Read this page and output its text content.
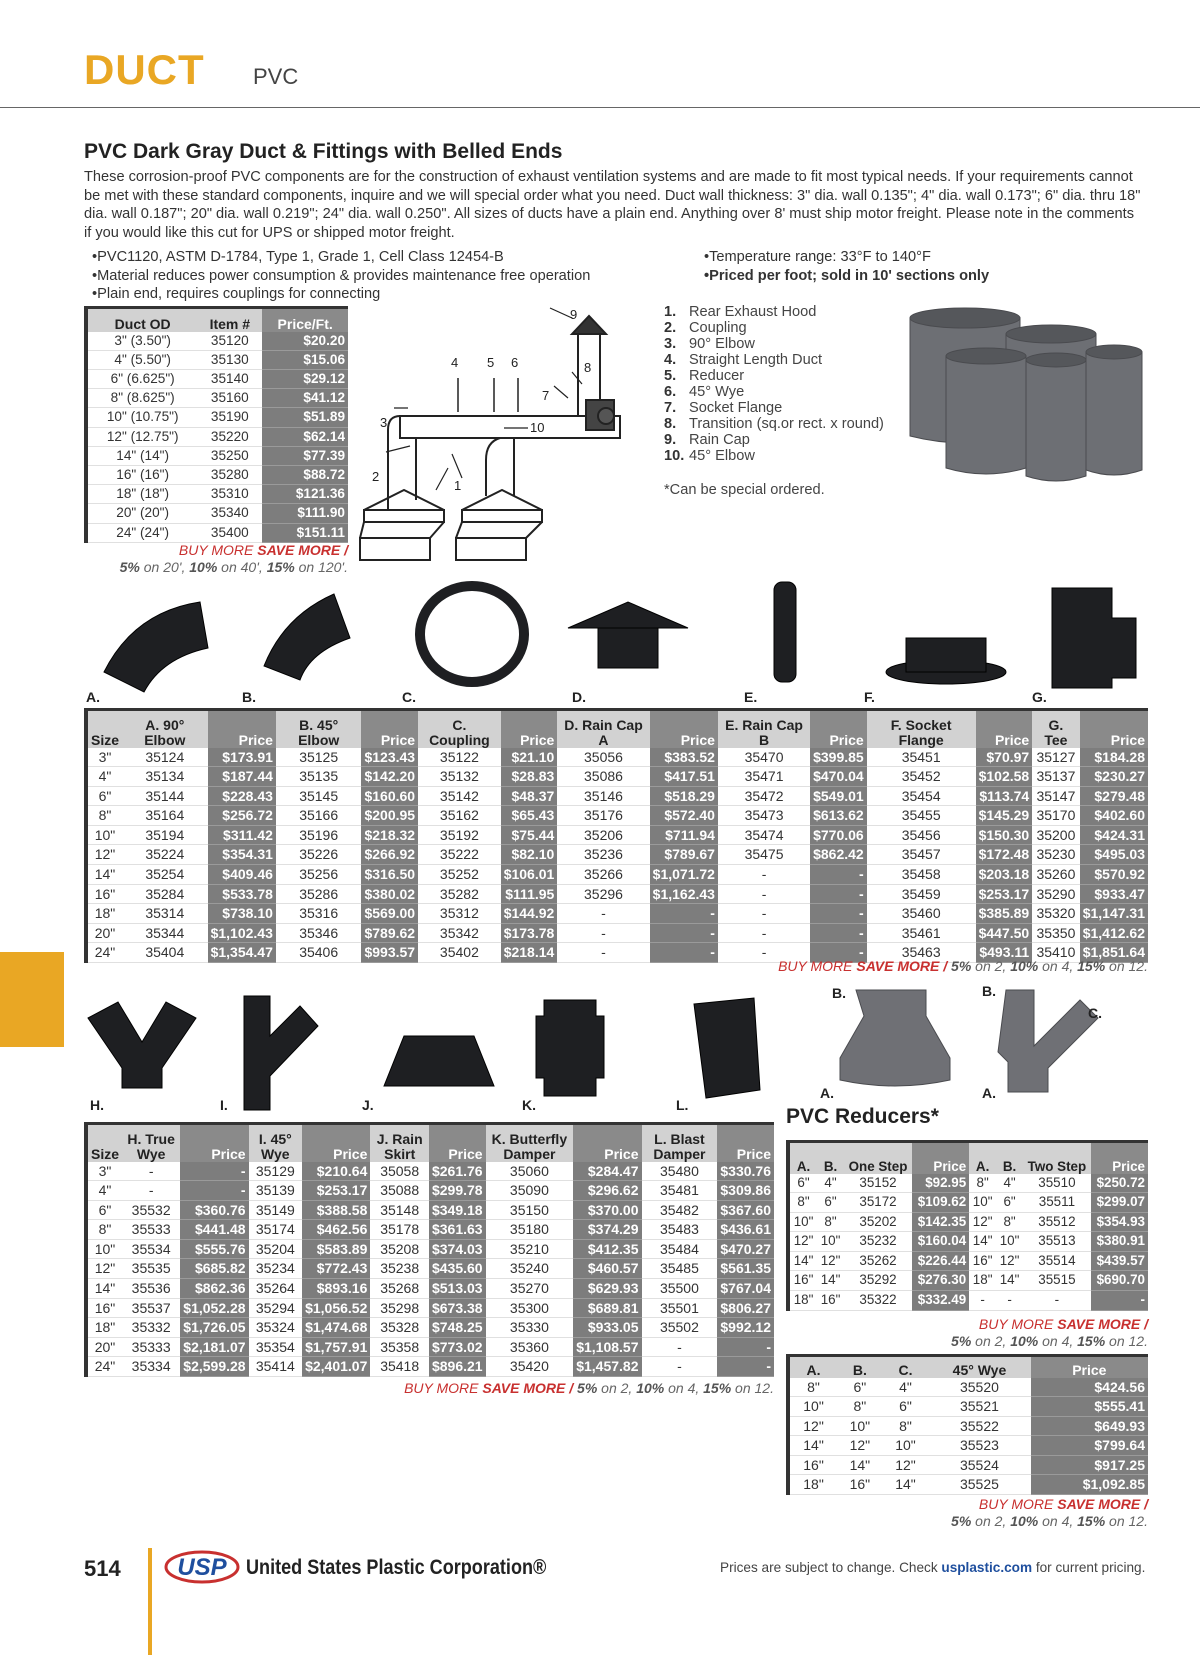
DUCT PVC
PVC Dark Gray Duct & Fittings with Belled Ends
These corrosion-proof PVC components are for the construction of exhaust ventilation systems and are made to fit most typical needs. If your requirements cannot be met with these standard components, inquire and we will special order what you need. Duct wall thickness: 3" dia. wall 0.135"; 4" dia. wall 0.173"; 6" dia. thru 18" dia. wall 0.187"; 20" dia. wall 0.219"; 24" dia. wall 0.250". All sizes of ducts have a plain end. Anything over 8' must ship motor freight. Please note in the comments if you would like this cut for UPS or shipped motor freight.
• PVC1120, ASTM D-1784, Type 1, Grade 1, Cell Class 12454-B
• Material reduces power consumption & provides maintenance free operation
• Plain end, requires couplings for connecting
• Temperature range: 33°F to 140°F
• Priced per foot; sold in 10' sections only
Duct OD	Item #	Price/Ft.
3" (3.50")	35120	$20.20
4" (5.50")	35130	$15.06
6" (6.625")	35140	$29.12
8" (8.625")	35160	$41.12
10" (10.75")	35190	$51.89
12" (12.75")	35220	$62.14
14" (14")	35250	$77.39
16" (16")	35280	$88.72
18" (18")	35310	$121.36
20" (20")	35340	$111.90
24" (24")	35400	$151.11
BUY MORE SAVE MORE /
5% on 20', 10% on 40', 15% on 120'.
4 5 6
3
2
1
10
7
8
9	1. Rear Exhaust Hood
2. Coupling
3. 90° Elbow
4. Straight Length Duct
5. Reducer
6. 45° Wye
7. Socket Flange
8. Transition (sq.or rect. x round)
9. Rain Cap
10. 45° Elbow
*Can be special ordered.
A.	B.	C.	D.	E.	F.	G.
Size	A. 90° Elbow	Price	B. 45° Elbow	Price	C. Coupling	Price	D. Rain Cap A	Price	E. Rain Cap B	Price	F. Socket Flange	Price	G. Tee	Price
3"	35124	$173.91	35125	$123.43	35122	$21.10	35056	$383.52	35470	$399.85	35451	$70.97	35127	$184.28
4"	35134	$187.44	35135	$142.20	35132	$28.83	35086	$417.51	35471	$470.04	35452	$102.58	35137	$230.27
6"	35144	$228.43	35145	$160.60	35142	$48.37	35146	$518.29	35472	$549.01	35454	$113.74	35147	$279.48
8"	35164	$256.72	35166	$200.95	35162	$65.43	35176	$572.40	35473	$613.62	35455	$145.29	35170	$402.60
10"	35194	$311.42	35196	$218.32	35192	$75.44	35206	$711.94	35474	$770.06	35456	$150.30	35200	$424.31
12"	35224	$354.31	35226	$266.92	35222	$82.10	35236	$789.67	35475	$862.42	35457	$172.48	35230	$495.03
14"	35254	$409.46	35256	$316.50	35252	$106.01	35266	$1,071.72	-	-	35458	$203.18	35260	$570.92
16"	35284	$533.78	35286	$380.02	35282	$111.95	35296	$1,162.43	-	-	35459	$253.17	35290	$933.47
18"	35314	$738.10	35316	$569.00	35312	$144.92	-	-	-	-	35460	$385.89	35320	$1,147.31
20"	35344	$1,102.43	35346	$789.62	35342	$173.78	-	-	-	-	35461	$447.50	35350	$1,412.62
24"	35404	$1,354.47	35406	$993.57	35402	$218.14	-	-	-	-	35463	$493.11	35410	$1,851.64
BUY MORE SAVE MORE / 5% on 2, 10% on 4, 15% on 12.
H.	I.	J.	K.	L.
B.
A.
B.
C.
A.
Size	H. True Wye	Price	I. 45° Wye	Price	J. Rain Skirt	Price	K. Butterfly Damper	Price	L. Blast Damper	Price
3"	-	-	35129	$210.64	35058	$261.76	35060	$284.47	35480	$330.76
4"	-	-	35139	$253.17	35088	$299.78	35090	$296.62	35481	$309.86
6"	35532	$360.76	35149	$388.58	35148	$349.18	35150	$370.00	35482	$367.60
8"	35533	$441.48	35174	$462.56	35178	$361.63	35180	$374.29	35483	$436.61
10"	35534	$555.76	35204	$583.89	35208	$374.03	35210	$412.35	35484	$470.27
12"	35535	$685.82	35234	$772.43	35238	$435.60	35240	$460.57	35485	$561.35
14"	35536	$862.36	35264	$893.16	35268	$513.03	35270	$629.93	35500	$767.04
16"	35537	$1,052.28	35294	$1,056.52	35298	$673.38	35300	$689.81	35501	$806.27
18"	35332	$1,726.05	35324	$1,474.68	35328	$748.25	35330	$933.05	35502	$992.12
20"	35333	$2,181.07	35354	$1,757.91	35358	$773.02	35360	$1,108.57	-	-
24"	35334	$2,599.28	35414	$2,401.07	35418	$896.21	35420	$1,457.82	-	-
BUY MORE SAVE MORE / 5% on 2, 10% on 4, 15% on 12.
PVC Reducers*
A.	B.	One Step	Price	A.	B.	Two Step	Price
6"	4"	35152	$92.95	8"	4"	35510	$250.72
8"	6"	35172	$109.62	10"	6"	35511	$299.07
10"	8"	35202	$142.35	12"	8"	35512	$354.93
12"	10"	35232	$160.04	14"	10"	35513	$380.91
14"	12"	35262	$226.44	16"	12"	35514	$439.57
16"	14"	35292	$276.30	18"	14"	35515	$690.70
18"	16"	35322	$332.49	-	-	-	-
BUY MORE SAVE MORE /
5% on 2, 10% on 4, 15% on 12.
A.	B.	C.	45° Wye	Price
8"	6"	4"	35520	$424.56
10"	8"	6"	35521	$555.41
12"	10"	8"	35522	$649.93
14"	12"	10"	35523	$799.64
16"	14"	12"	35524	$917.25
18"	16"	14"	35525	$1,092.85
BUY MORE SAVE MORE /
5% on 2, 10% on 4, 15% on 12.
514 USP United States Plastic Corporation®	Prices are subject to change. Check usplastic.com for current pricing.
